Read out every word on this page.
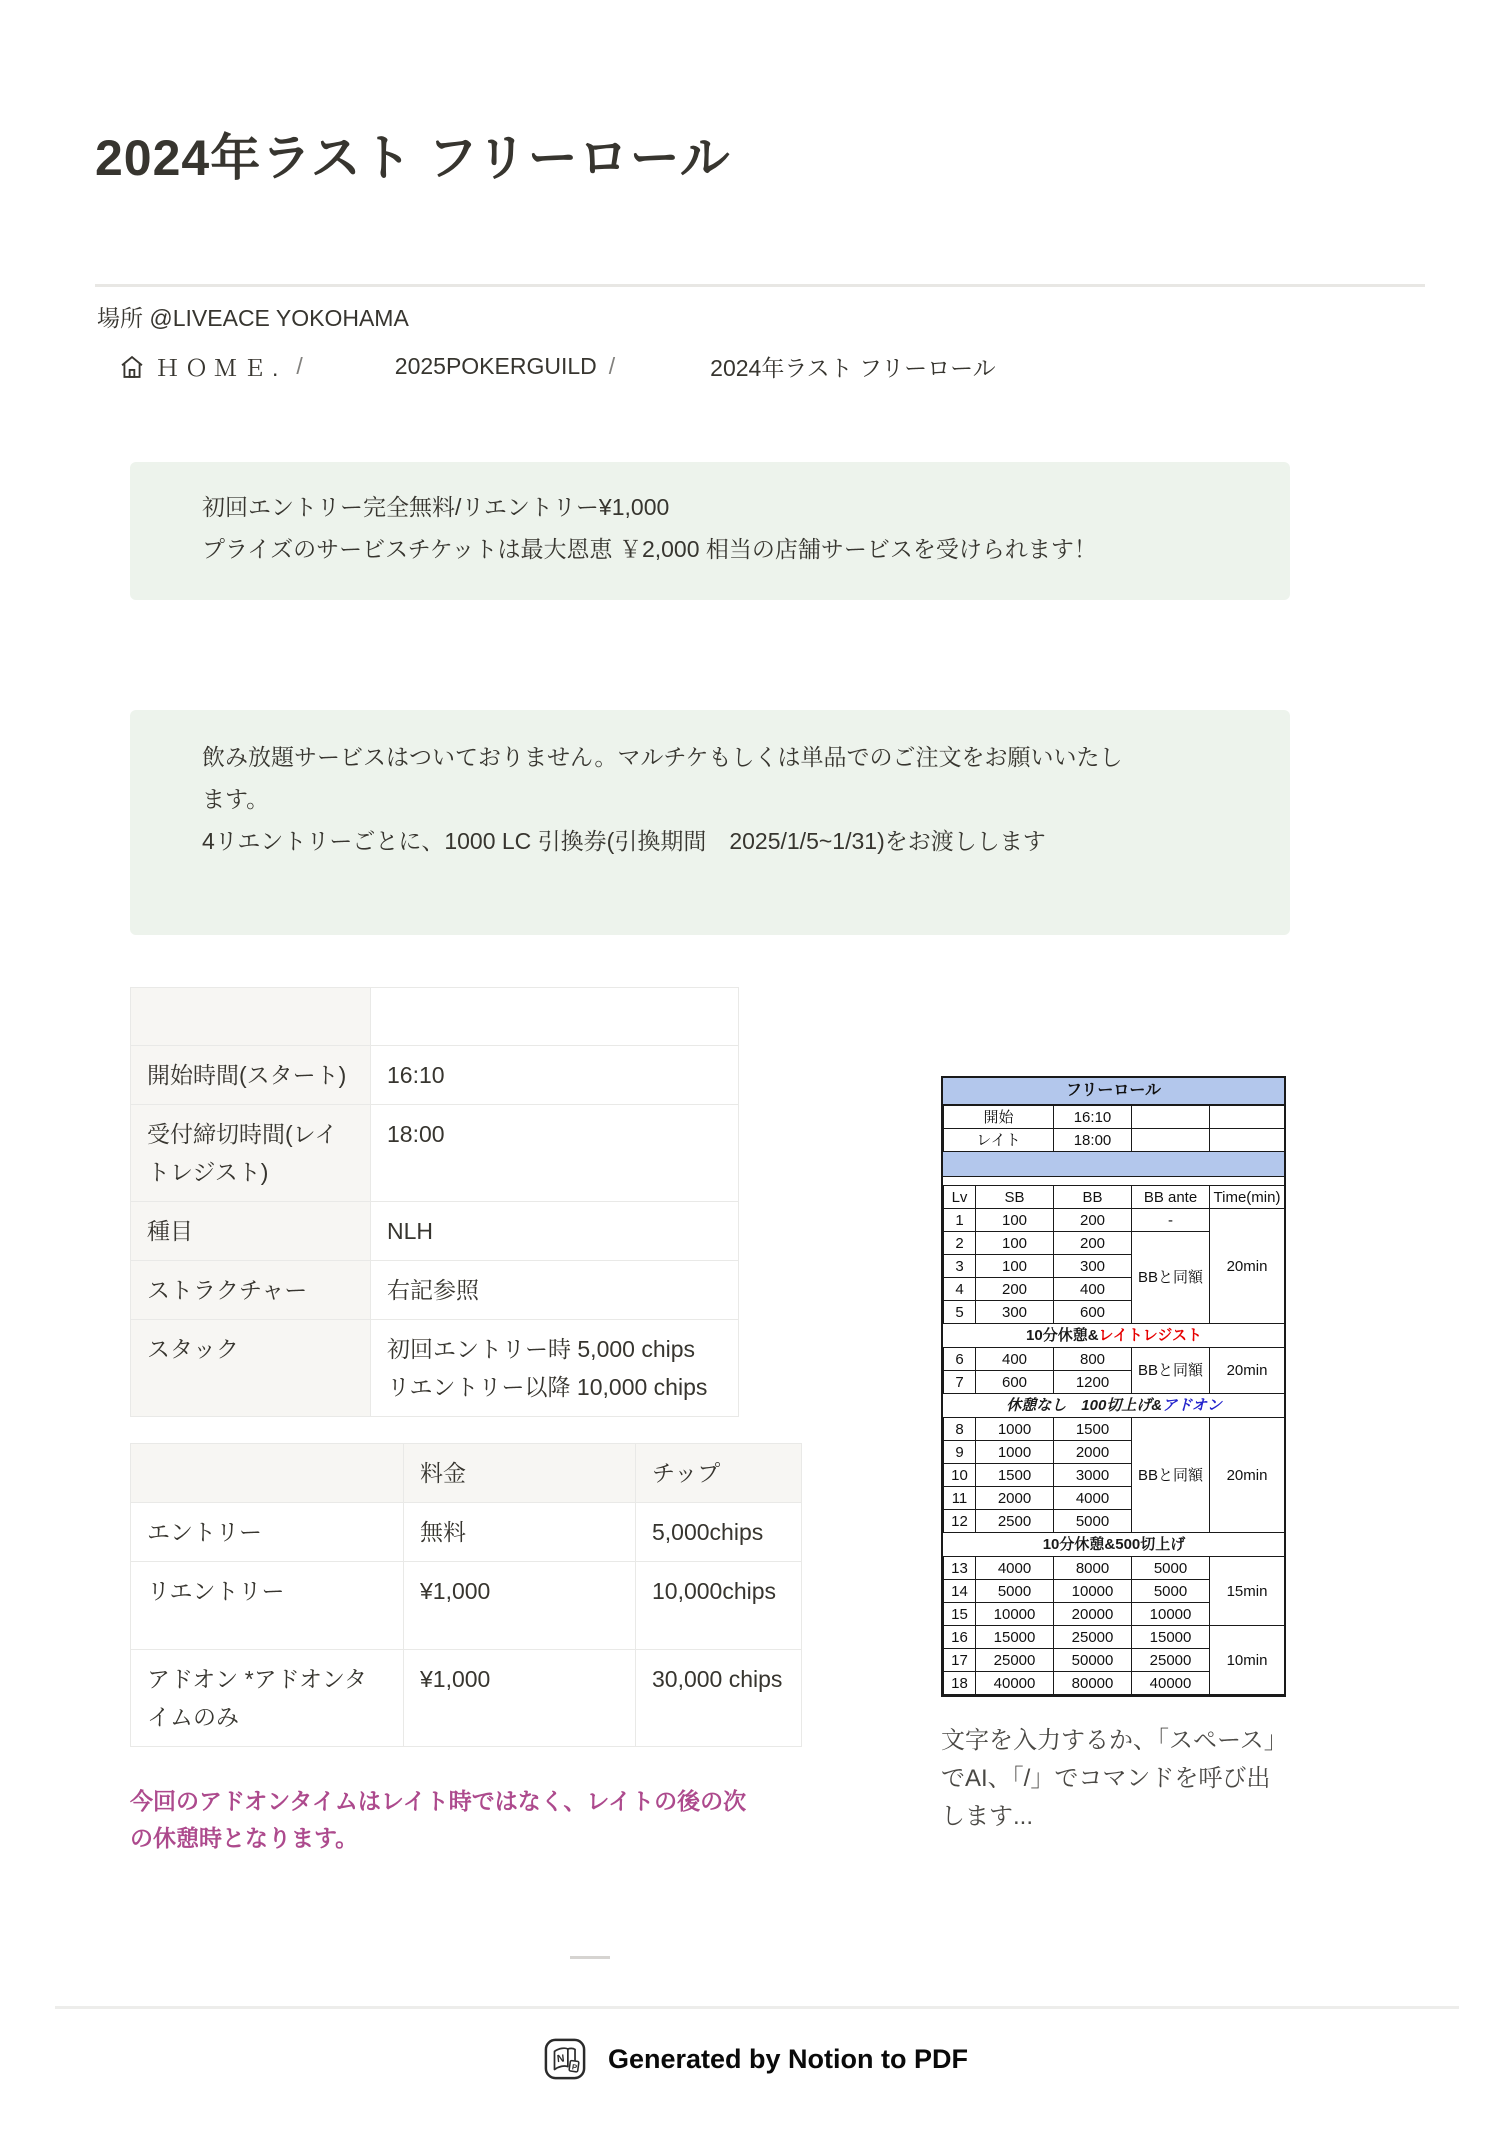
2024年ラスト フリーロール
場所 @LIVEACE YOKOHAMA
ＨＯＭＥ. /	2025POKERGUILD /	2024年ラスト フリーロール

初回エントリー完全無料/リエントリー¥1,000

プライズのサービスチケットは最大恩恵 ￥2,000 相当の店舗サービスを受けられます！

飲み放題サービスはついておりません。マルチケもしくは単品でのご注文をお願いいたします。

4リエントリーごとに、1000 LC 引換券(引換期間　2025/1/5~1/31)をお渡しします

開始時間(スタート)	16:10

受付締切時間(レイトレジスト)	18:00

種目	NLH

ストラクチャー	右記参照

スタック	初回エントリー時 5,000 chips
リエントリー以降 10,000 chips
	料金	チップ
エントリー	無料	5,000chips
リエントリー	¥1,000	10,000chips
アドオン *アドオンタイムのみ	¥1,000	30,000 chips
今回のアドオンタイムはレイト時ではなく、レイトの後の次の休憩時となります。
フリーロール
開始	16:10		
レイト	18:00		
Lv	SB	BB	BB ante	Time(min)
1	100	200	-	20min
2	100	200	BBと同額	
3	100	300		
4	200	400		
5	300	600		
10分休憩&レイトレジスト				
6	400	800	BBと同額	20min
7	600	1200		
休憩なし　100切上げ&アドオン				
8	1000	1500	BBと同額	20min
9	1000	2000		
10	1500	3000		
11	2000	4000		
12	2500	5000		
10分休憩&500切上げ				
13	4000	8000	5000	15min
14	5000	10000	5000	
15	10000	20000	10000	
16	15000	25000	15000	10min
17	25000	50000	25000	
18	40000	80000	40000	
文字を入力するか、「スペース」でAI、「/」でコマンドを呼び出します...
N
P Generated by Notion to PDF
